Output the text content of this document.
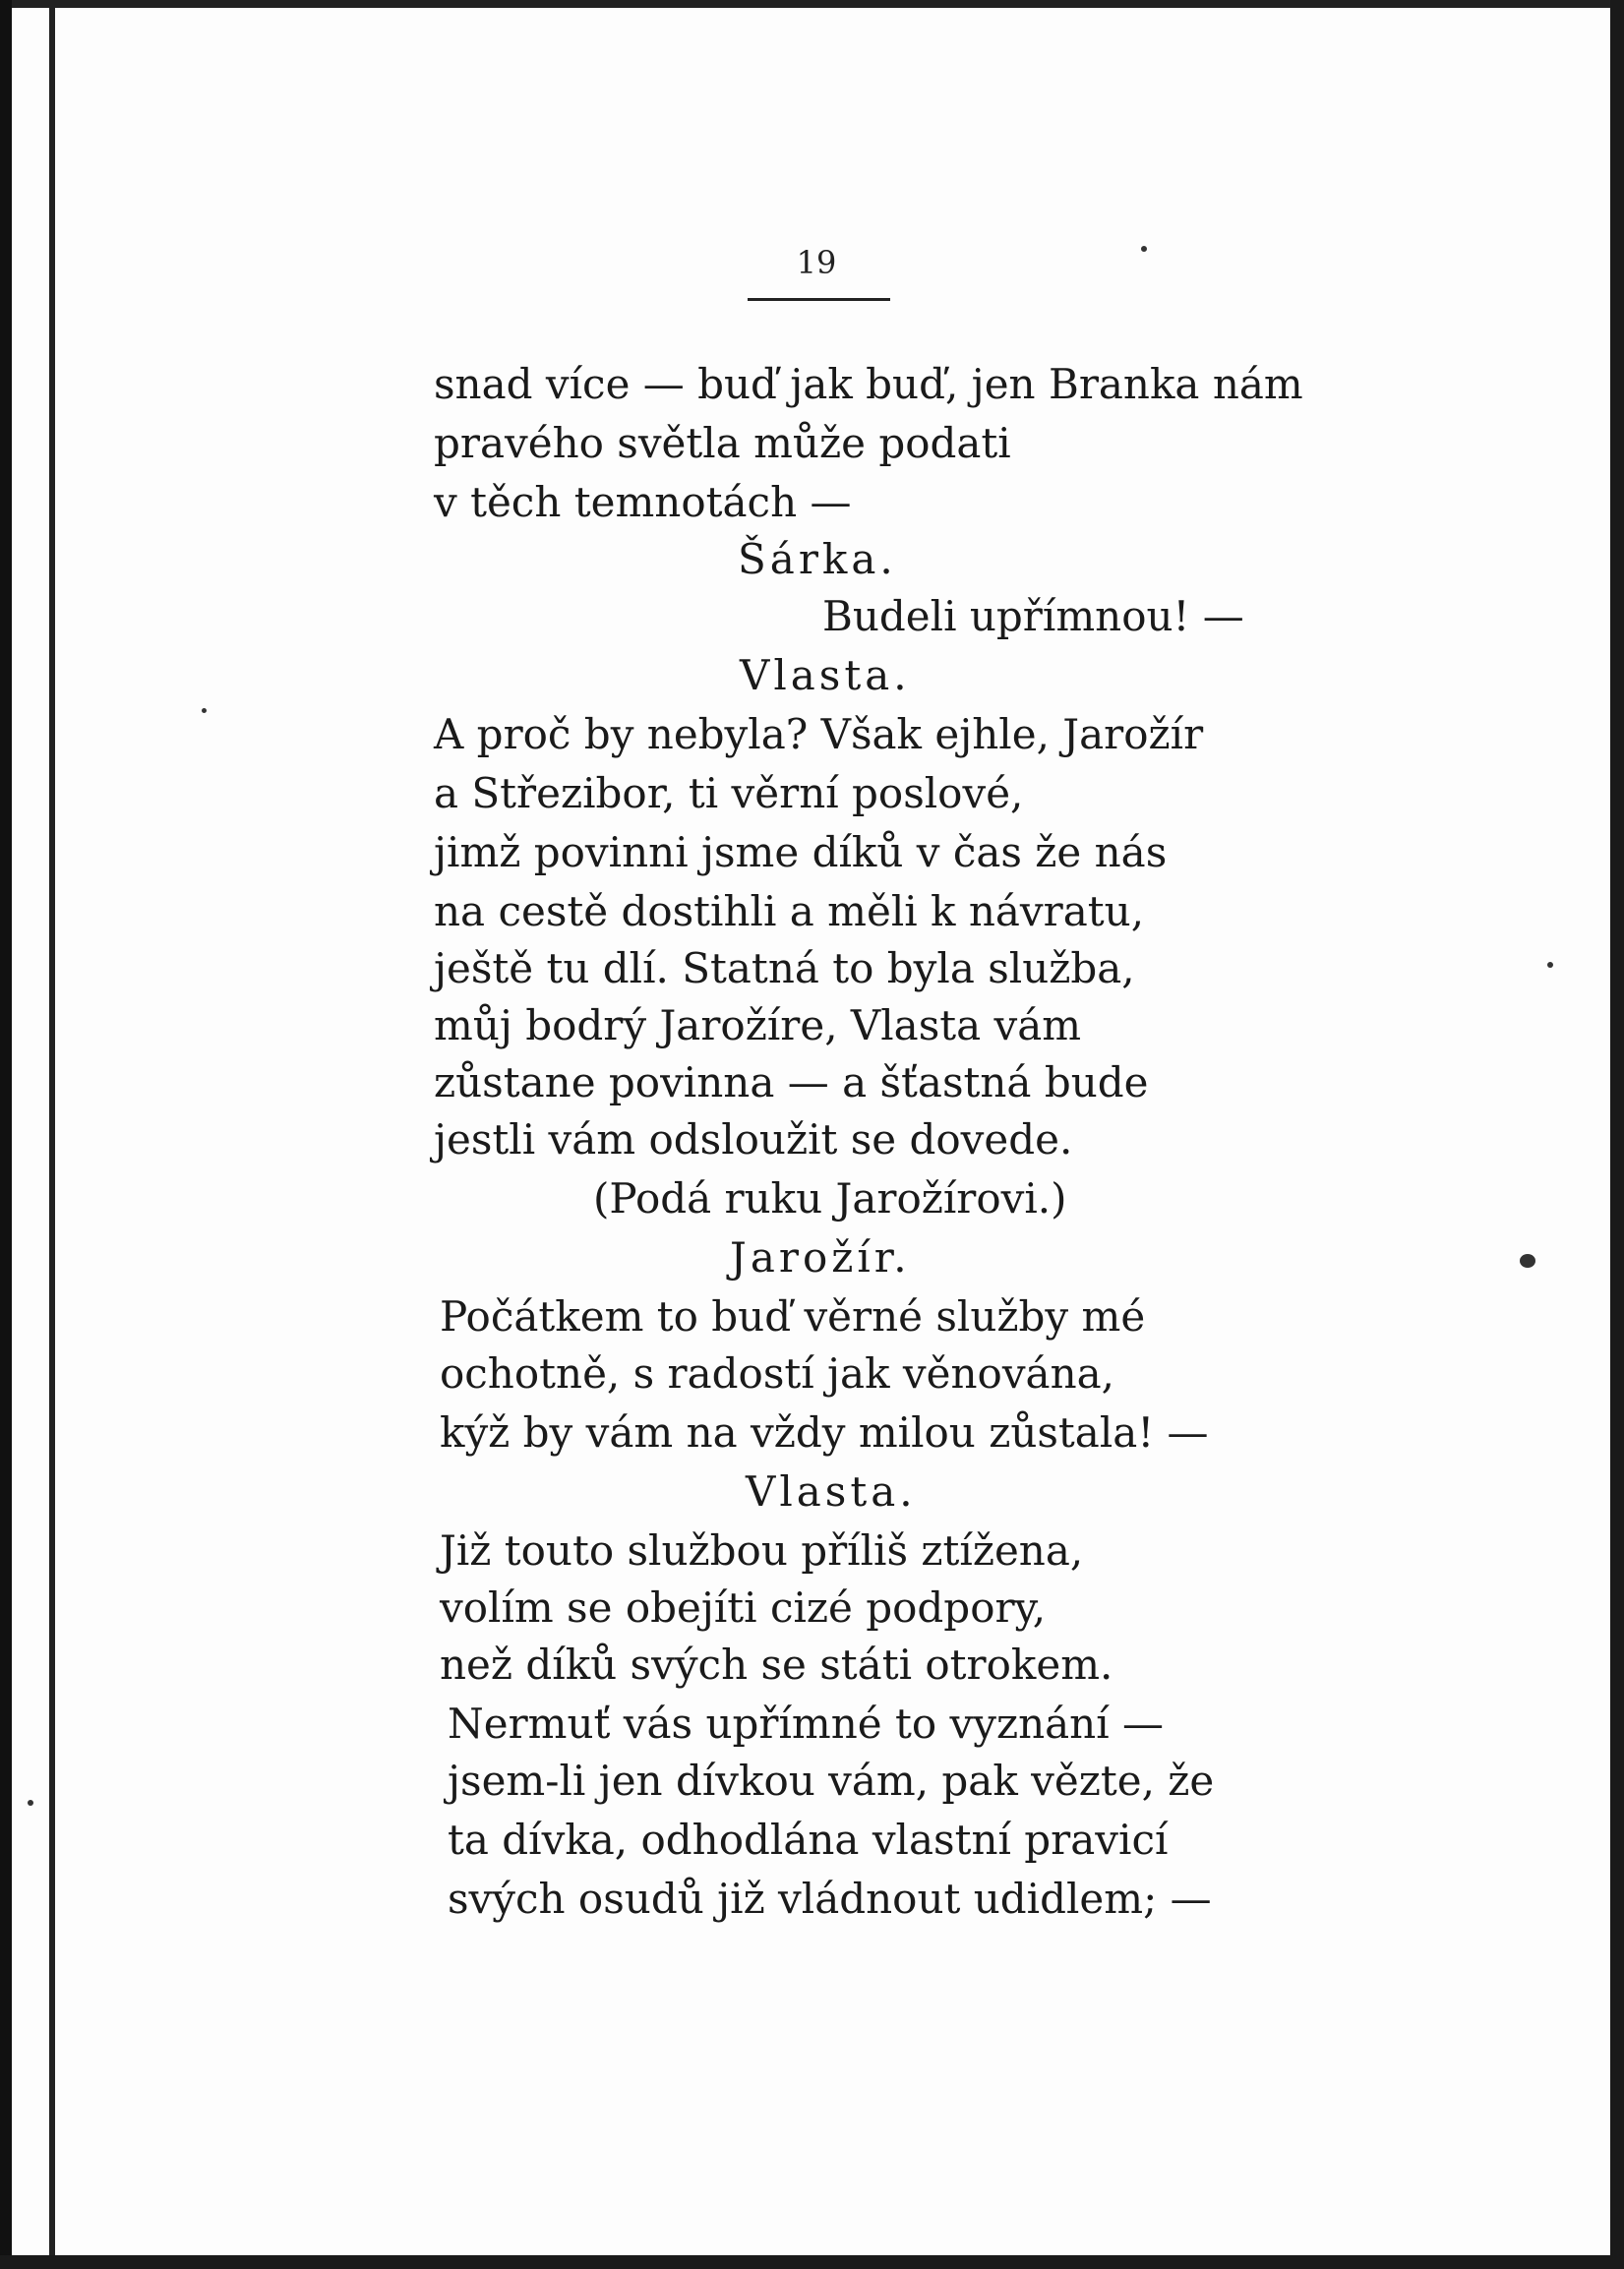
19
snad více — buď jak buď, jen Branka nám
pravého světla může podati
v těch temnotách —
Šárka.
Budeli upřímnou! —
Vlasta.
A proč by nebyla? Však ejhle, Jarožír
a Střezibor, ti věrní poslové,
jimž povinni jsme díků v čas že nás
na cestě dostihli a měli k návratu,
ještě tu dlí. Statná to byla služba,
můj bodrý Jarožíre, Vlasta vám
zůstane povinna — a šťastná bude
jestli vám odsloužit se dovede.
(Podá ruku Jarožírovi.)
Jarožír.
Počátkem to buď věrné služby mé
ochotně, s radostí jak věnována,
kýž by vám na vždy milou zůstala! —
Vlasta.
Již touto službou příliš ztížena,
volím se obejíti cizé podpory,
než díků svých se státi otrokem.
Nermuť vás upřímné to vyznání —
jsem-li jen dívkou vám, pak vězte, že
ta dívka, odhodlána vlastní pravicí
svých osudů již vládnout udidlem; —
